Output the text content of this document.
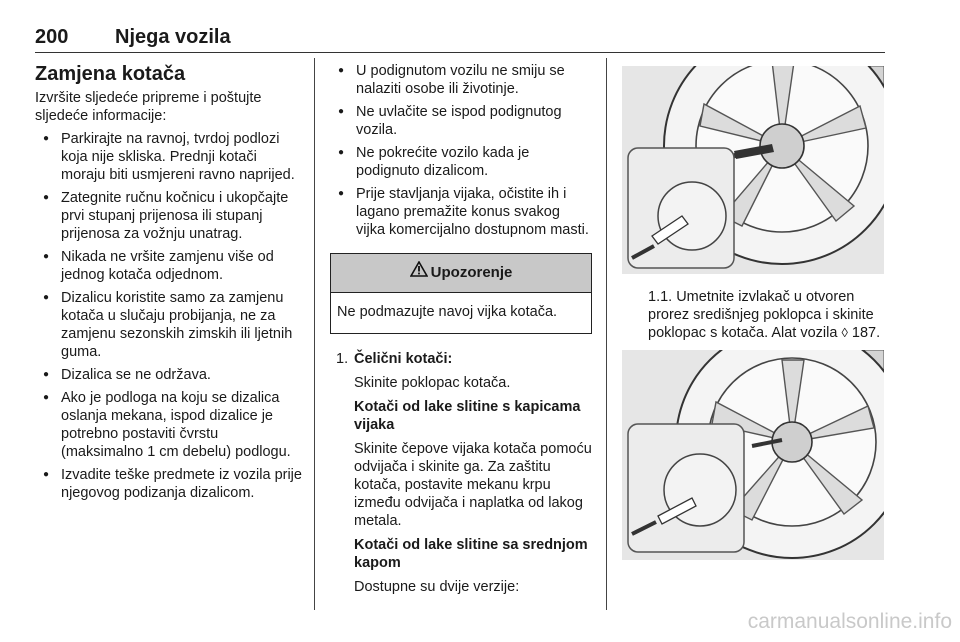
200 Njega vozila
Zamjena kotača

Izvršite sljedeće pripreme i poštujte sljedeće informacije:

● Parkirajte na ravnoj, tvrdoj podlozi koja nije skliska. Prednji kotači moraju biti usmjereni ravno naprijed.
● Zategnite ručnu kočnicu i ukopčajte prvi stupanj prijenosa ili stupanj prijenosa za vožnju unatrag.
● Nikada ne vršite zamjenu više od jednog kotača odjednom.
● Dizalicu koristite samo za zamjenu kotača u slučaju probijanja, ne za zamjenu sezonskih zimskih ili ljetnih guma.
● Dizalica se ne održava.
● Ako je podloga na koju se dizalica oslanja mekana, ispod dizalice je potrebno postaviti čvrstu (maksimalno 1 cm debelu) podlogu.
● Izvadite teške predmete iz vozila prije njegovog podizanja dizalicom.
● U podignutom vozilu ne smiju se nalaziti osobe ili životinje.
● Ne uvlačite se ispod podignutog vozila.
● Ne pokrećite vozilo kada je podignuto dizalicom.
● Prije stavljanja vijaka, očistite ih i lagano premažite konus svakog vijka komercijalno dostupnom masti.
Upozorenje
Ne podmazujte navoj vijka kotača.
1. Čelični kotači:

Skinite poklopac kotača.

Kotači od lake slitine s kapicama vijaka

Skinite čepove vijaka kotača pomoću odvijača i skinite ga. Za zaštitu kotača, postavite mekanu krpu između odvijača i naplatka od lakog metala.

Kotači od lake slitine sa srednjom kapom

Dostupne su dvije verzije:

1.1. Umetnite izvlakač u otvoren prorez središnjeg poklopca i skinite poklopac s kotača. Alat vozila ◊ 187.

carmanualsonline.info
